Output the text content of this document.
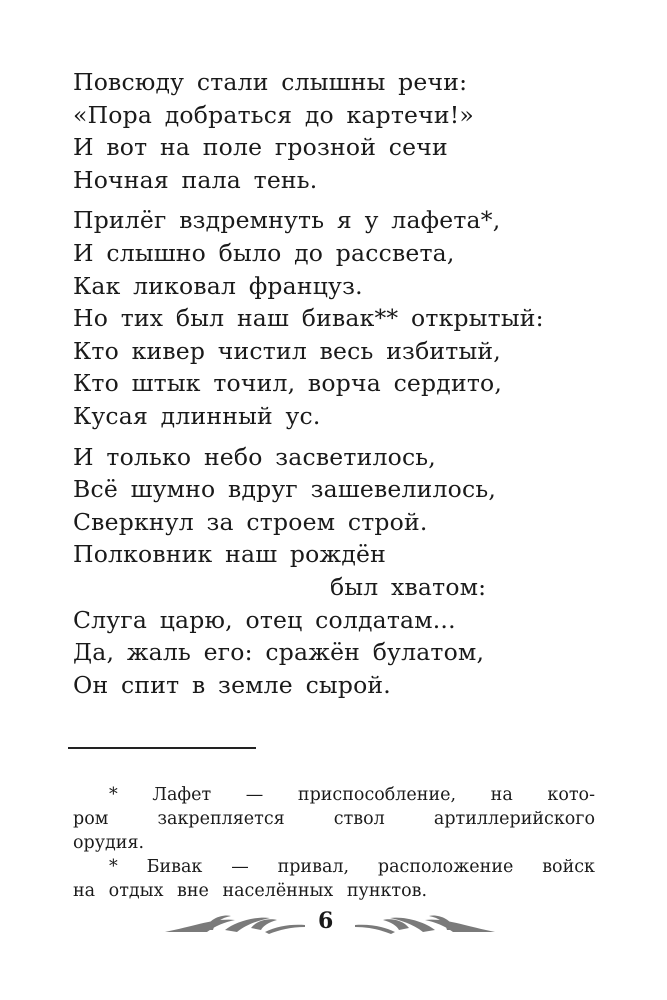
Повсюду стали слышны речи:
«Пора добраться до картечи!»
И вот на поле грозной сечи
Ночная пала тень.
Прилёг вздремнуть я у лафета*,
И слышно было до рассвета,
Как ликовал француз.
Но тих был наш бивак** открытый:
Кто кивер чистил весь избитый,
Кто штык точил, ворча сердито,
Кусая длинный ус.
И только небо засветилось,
Всё шумно вдруг зашевелилось,
Сверкнул за строем строй.
Полковник наш рождён
был хватом:
Слуга царю, отец солдатам...
Да, жаль его: сражён булатом,
Он спит в земле сырой.
* Лафет — приспособление, на кото-
ром закрепляется ствол артиллерийского
орудия.
* Бивак — привал, расположение войск
на отдых вне населённых пунктов.
6
